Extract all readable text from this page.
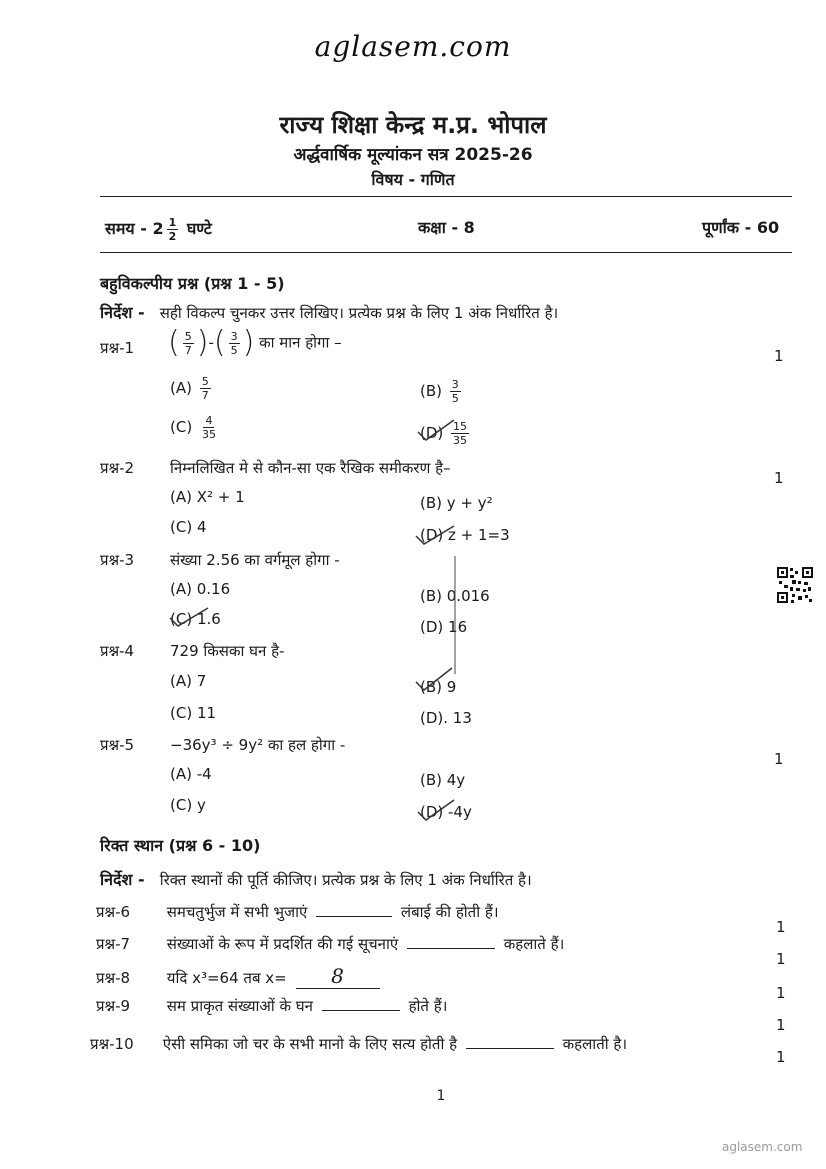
aglasem.com
राज्य शिक्षा केन्द्र म.प्र. भोपाल
अर्द्धवार्षिक मूल्यांकन सत्र 2025-26
विषय - गणित
समय - $2 \frac{1}{2}$ घण्टे	कक्षा - 8	पूर्णांक - 60
बहुविकल्पीय प्रश्न (प्रश्न 1 - 5)
निर्देश - सही विकल्प चुनकर उत्तर लिखिए। प्रत्येक प्रश्न के लिए 1 अंक निर्धारित है।
प्रश्न-1 ( $\frac{5}{7}$ ) - ( $\frac{3}{5}$ ) का मान होगा –
1
$(A) \frac{5}{7}$	$(B) \frac{3}{5}$
$(C) \frac{4}{35}$	$(D) \frac{15}{35}$
प्रश्न-2 निम्नलिखित मे से कौन-सा एक रैखिक समीकरण है–
1
(A) X² + 1	(B) y + y²
(C) 4	(D) z + 1=3
प्रश्न-3 संख्या 2.56 का वर्गमूल होगा -
(A) 0.16	(B) 0.016
(C) 1.6	(D) 16
प्रश्न-4 729 किसका घन है-
(A) 7	(B) 9
(C) 11	(D). 13
प्रश्न-5 −36y³ ÷ 9y² का हल होगा -
1
(A) -4	(B) 4y
(C) y	(D) -4y
रिक्त स्थान (प्रश्न 6 - 10)
निर्देश - रिक्त स्थानों की पूर्ति कीजिए। प्रत्येक प्रश्न के लिए 1 अंक निर्धारित है।
प्रश्न-6 समचतुर्भुज में सभी भुजाएं	लंबाई की होती हैं।
1
प्रश्न-7 संख्याओं के रूप में प्रदर्शित की गई सूचनाएं	कहलाते हैं।
1
प्रश्न-8 यदि x³=64 तब x= 8
1
प्रश्न-9 सम प्राकृत संख्याओं के घन	होते हैं।
1
प्रश्न-10 ऐसी समिका जो चर के सभी मानो के लिए सत्य होती है	कहलाती है।
1
1
aglasem.com
